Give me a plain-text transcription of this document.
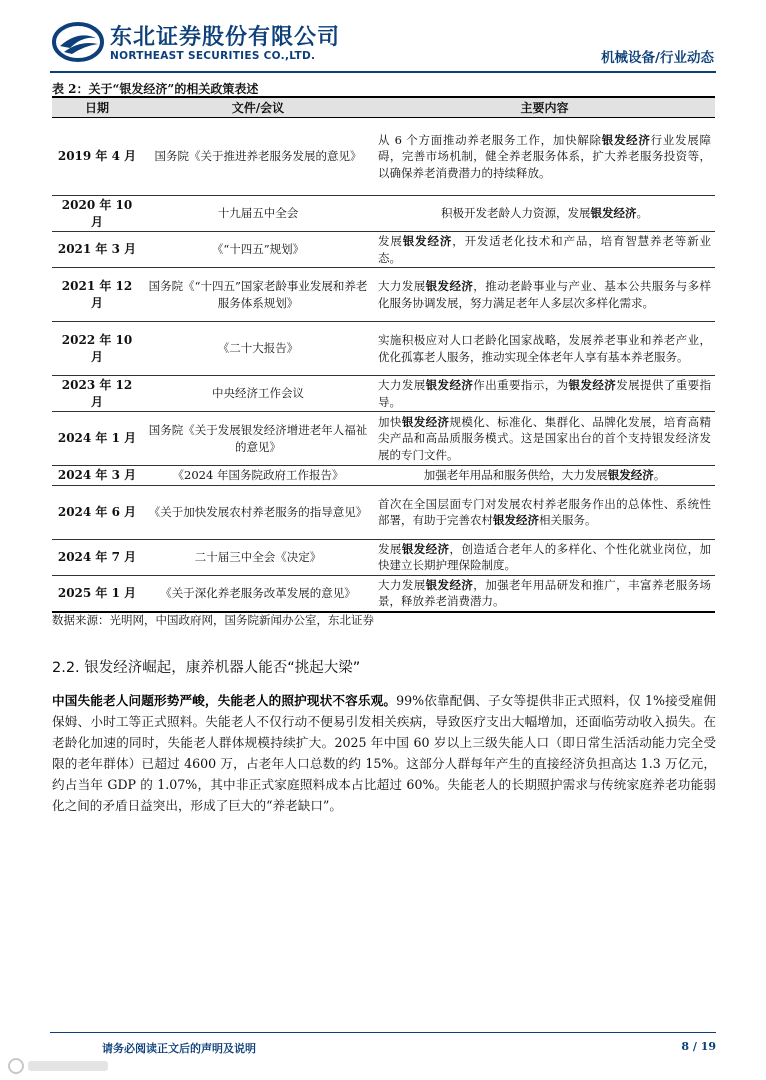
东北证券股份有限公司
NORTHEAST SECURITIES CO.,LTD.	机械设备/行业动态
表 2：关于“银发经济”的相关政策表述
日期	文件/会议	主要内容
2019 年 4 月	国务院《关于推进养老服务发展的意见》	从 6 个方面推动养老服务工作，加快解除银发经济行业发展障碍，完善市场机制，健全养老服务体系，扩大养老服务投资等，以确保养老消费潜力的持续释放。
2020 年 10 月	十九届五中全会	积极开发老龄人力资源，发展银发经济。
2021 年 3 月	《“十四五”规划》	发展银发经济，开发适老化技术和产品，培育智慧养老等新业态。
2021 年 12 月	国务院《“十四五”国家老龄事业发展和养老服务体系规划》	大力发展银发经济，推动老龄事业与产业、基本公共服务与多样化服务协调发展，努力满足老年人多层次多样化需求。
2022 年 10 月	《二十大报告》	实施积极应对人口老龄化国家战略，发展养老事业和养老产业，优化孤寡老人服务，推动实现全体老年人享有基本养老服务。
2023 年 12 月	中央经济工作会议	大力发展银发经济作出重要指示，为银发经济发展提供了重要指导。
2024 年 1 月	国务院《关于发展银发经济增进老年人福祉的意见》	加快银发经济规模化、标准化、集群化、品牌化发展，培育高精尖产品和高品质服务模式。这是国家出台的首个支持银发经济发展的专门文件。
2024 年 3 月	《2024 年国务院政府工作报告》	加强老年用品和服务供给，大力发展银发经济。
2024 年 6 月	《关于加快发展农村养老服务的指导意见》	首次在全国层面专门对发展农村养老服务作出的总体性、系统性部署，有助于完善农村银发经济相关服务。
2024 年 7 月	二十届三中全会《决定》	发展银发经济，创造适合老年人的多样化、个性化就业岗位，加快建立长期护理保险制度。
2025 年 1 月	《关于深化养老服务改革发展的意见》	大力发展银发经济，加强老年用品研发和推广，丰富养老服务场景，释放养老消费潜力。
数据来源：光明网，中国政府网，国务院新闻办公室，东北证券
2.2. 银发经济崛起，康养机器人能否“挑起大梁”

中国失能老人问题形势严峻，失能老人的照护现状不容乐观。99%依靠配偶、子女等提供非正式照料，仅 1%接受雇佣保姆、小时工等正式照料。失能老人不仅行动不便易引发相关疾病，导致医疗支出大幅增加，还面临劳动收入损失。在老龄化加速的同时，失能老人群体规模持续扩大。2025 年中国 60 岁以上三级失能人口（即日常生活活动能力完全受限的老年群体）已超过 4600 万，占老年人口总数的约 15%。这部分人群每年产生的直接经济负担高达 1.3 万亿元，约占当年 GDP 的 1.07%，其中非正式家庭照料成本占比超过 60%。失能老人的长期照护需求与传统家庭养老功能弱化之间的矛盾日益突出，形成了巨大的“养老缺口”。

请务必阅读正文后的声明及说明	8 / 19
